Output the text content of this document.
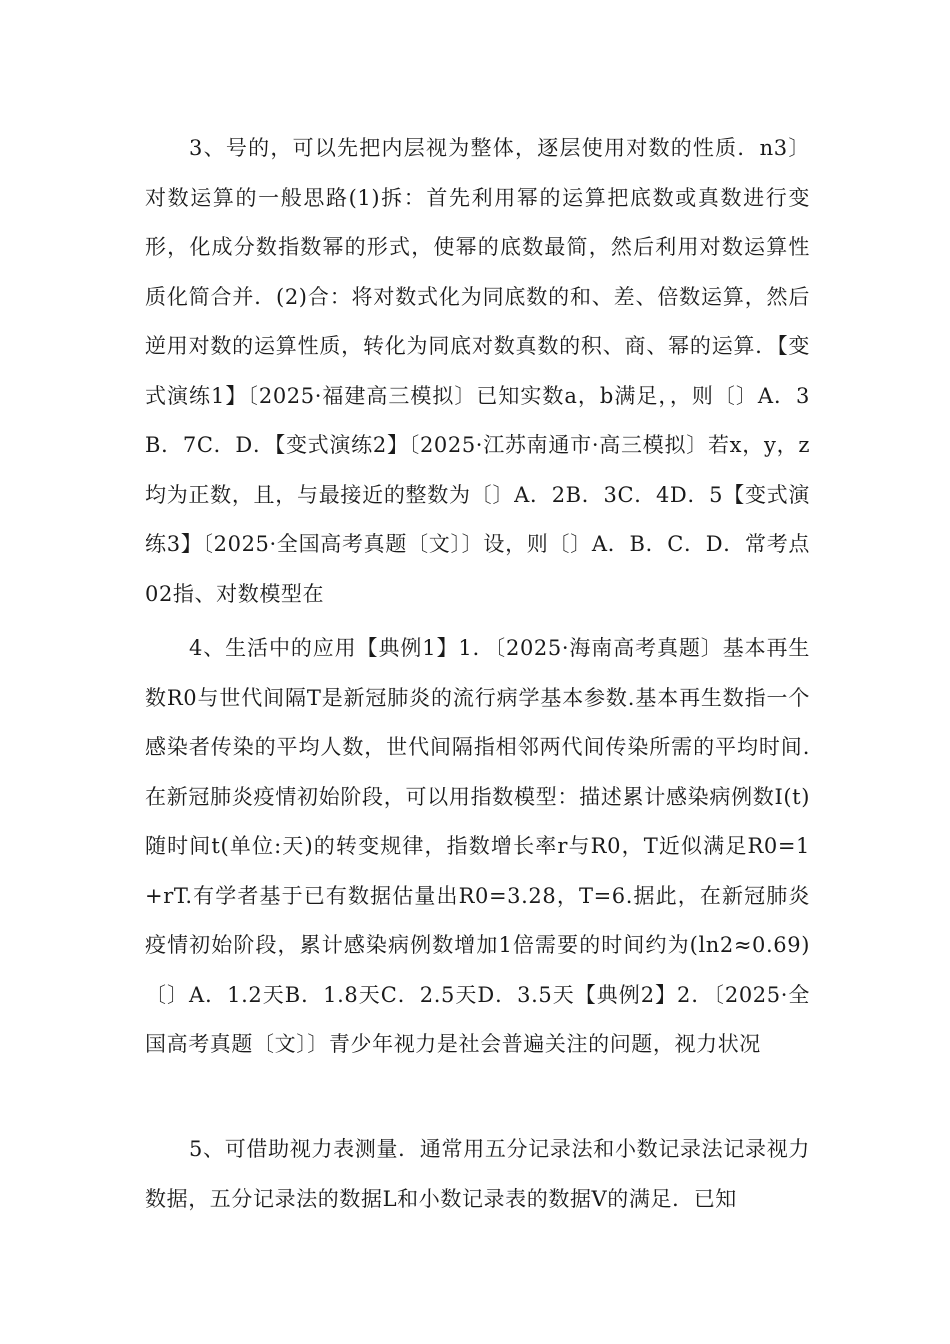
3、号的，可以先把内层视为整体，逐层使用对数的性质．n3〕对数运算的一般思路(1)拆：首先利用幂的运算把底数或真数进行变形，化成分数指数幂的形式，使幂的底数最简，然后利用对数运算性质化简合并．(2)合：将对数式化为同底数的和、差、倍数运算，然后逆用对数的运算性质，转化为同底对数真数的积、商、幂的运算．【变式演练1】〔2025·福建高三模拟〕已知实数a，b满足，，则〔〕A．3B．7C．D．【变式演练2】〔2025·江苏南通市·高三模拟〕若x，y，z均为正数，且，与最接近的整数为〔〕A．2B．3C．4D．5【变式演练3】〔2025·全国高考真题〔文〕〕设，则〔〕A．B．C．D．常考点02指、对数模型在

4、生活中的应用【典例1】1．〔2025·海南高考真题〕基本再生数R0与世代间隔T是新冠肺炎的流行病学基本参数.基本再生数指一个感染者传染的平均人数，世代间隔指相邻两代间传染所需的平均时间.在新冠肺炎疫情初始阶段，可以用指数模型：描述累计感染病例数I(t)随时间t(单位:天)的转变规律，指数增长率r与R0，T近似满足R0=1+rT.有学者基于已有数据估量出R0=3.28，T=6.据此，在新冠肺炎疫情初始阶段，累计感染病例数增加1倍需要的时间约为(ln2≈0.69)〔〕A．1.2天B．1.8天C．2.5天D．3.5天【典例2】2．〔2025·全国高考真题〔文〕〕青少年视力是社会普遍关注的问题，视力状况

5、可借助视力表测量．通常用五分记录法和小数记录法记录视力数据，五分记录法的数据L和小数记录表的数据V的满足．已知
